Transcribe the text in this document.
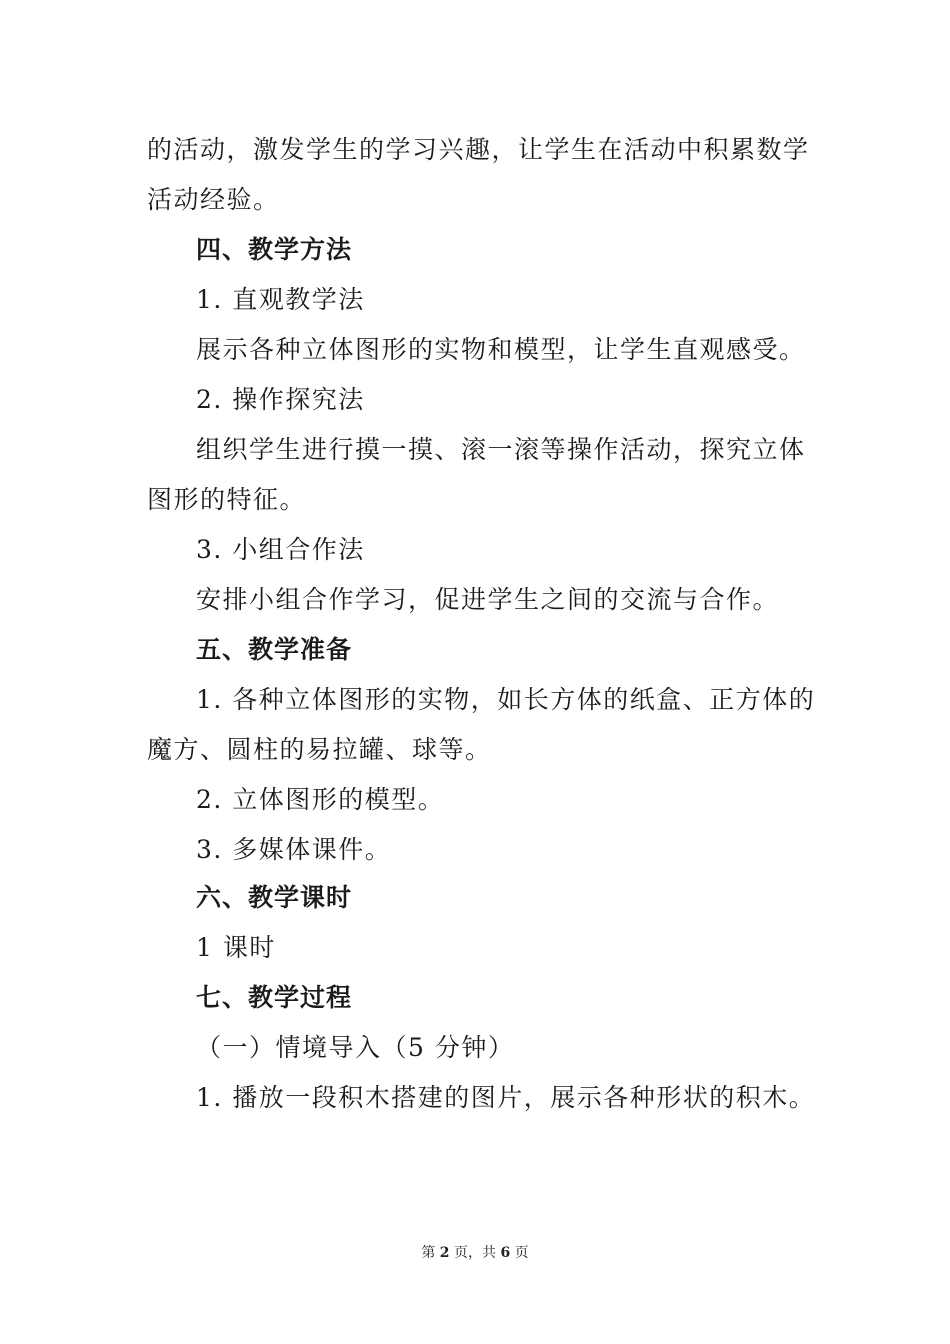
的活动，激发学生的学习兴趣，让学生在活动中积累数学
活动经验。
四、教学方法
1. 直观教学法
展示各种立体图形的实物和模型，让学生直观感受。
2. 操作探究法
组织学生进行摸一摸、滚一滚等操作活动，探究立体
图形的特征。
3. 小组合作法
安排小组合作学习，促进学生之间的交流与合作。
五、教学准备
1. 各种立体图形的实物，如长方体的纸盒、正方体的
魔方、圆柱的易拉罐、球等。
2. 立体图形的模型。
3. 多媒体课件。
六、教学课时
1 课时
七、教学过程
（一）情境导入（5 分钟）
1. 播放一段积木搭建的图片，展示各种形状的积木。
第 2 页，共 6 页
